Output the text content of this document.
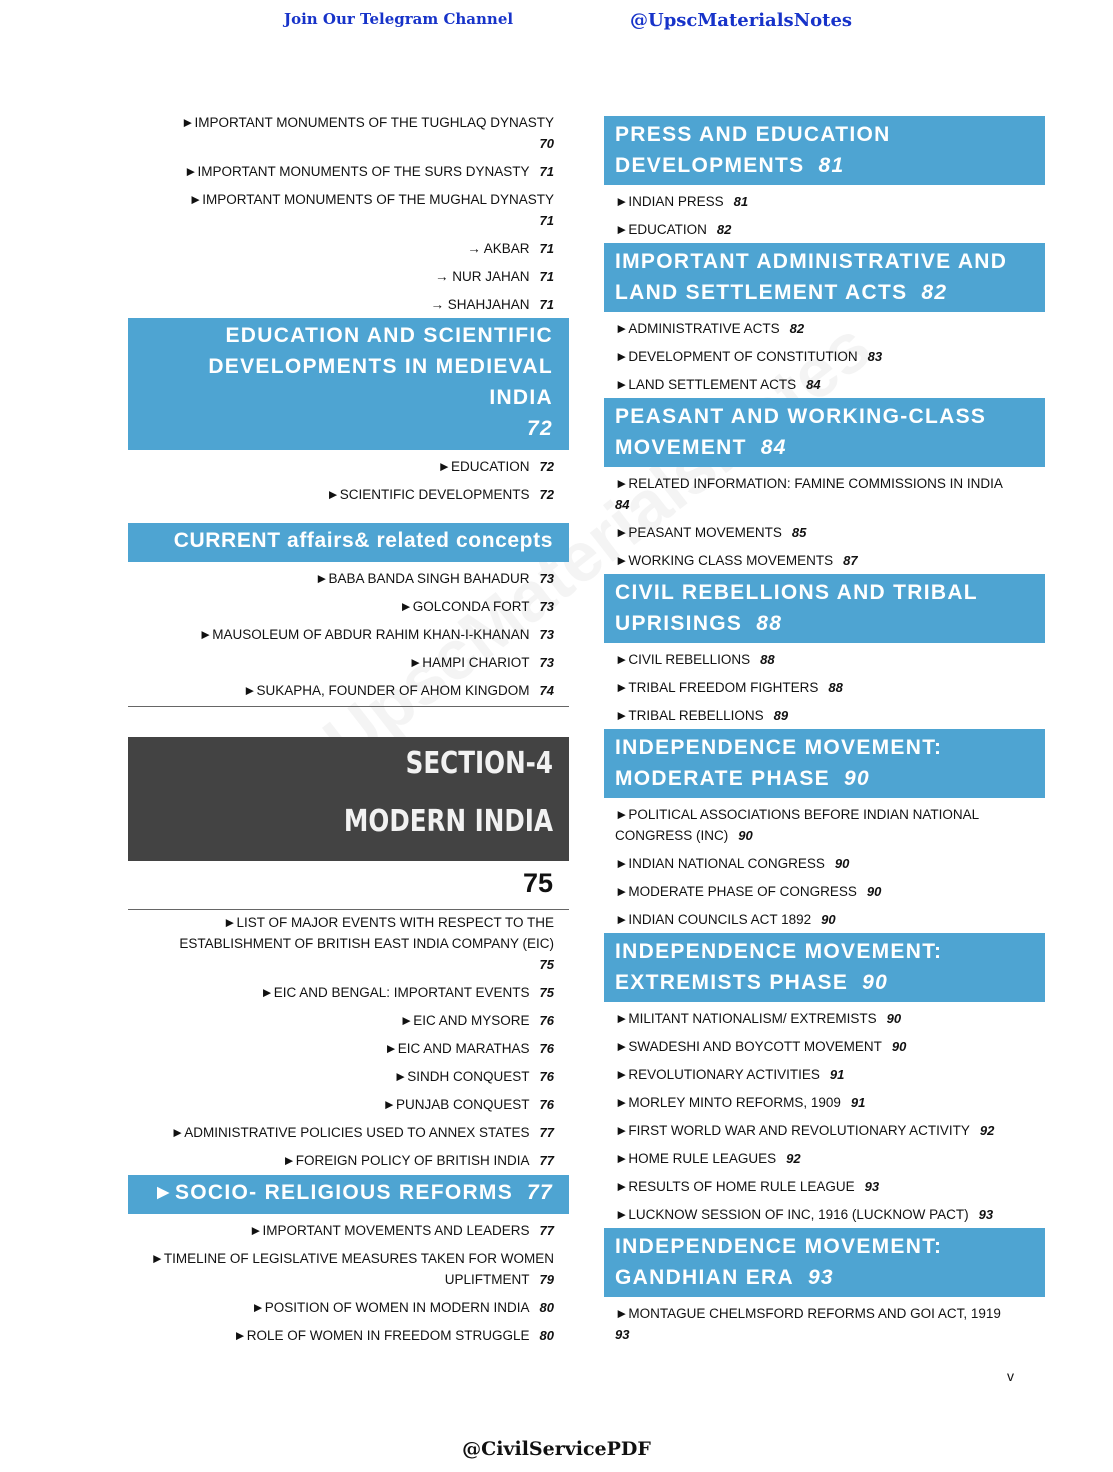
Join Our Telegram Channel	@UpscMaterialsNotes
►IMPORTANT MONUMENTS OF THE TUGHLAQ DYNASTY
70
►IMPORTANT MONUMENTS OF THE SURS DYNASTY 71
►IMPORTANT MONUMENTS OF THE MUGHAL DYNASTY
71
→ AKBAR 71
→ NUR JAHAN 71
→ SHAHJAHAN 71
EDUCATION AND SCIENTIFIC DEVELOPMENTS IN MEDIEVAL INDIA
72
►EDUCATION 72
►SCIENTIFIC DEVELOPMENTS 72
CURRENT affairs& related concepts
►BABA BANDA SINGH BAHADUR 73
►GOLCONDA FORT 73
►MAUSOLEUM OF ABDUR RAHIM KHAN-I-KHANAN 73
►HAMPI CHARIOT 73
►SUKAPHA, FOUNDER OF AHOM KINGDOM 74
SECTION-4
MODERN INDIA
75
►LIST OF MAJOR EVENTS WITH RESPECT TO THE ESTABLISHMENT OF BRITISH EAST INDIA COMPANY (EIC)
75
►EIC AND BENGAL: IMPORTANT EVENTS 75
►EIC AND MYSORE 76
►EIC AND MARATHAS 76
►SINDH CONQUEST 76
►PUNJAB CONQUEST 76
►ADMINISTRATIVE POLICIES USED TO ANNEX STATES 77
►FOREIGN POLICY OF BRITISH INDIA 77
►SOCIO- RELIGIOUS REFORMS 77
►IMPORTANT MOVEMENTS AND LEADERS 77
►TIMELINE OF LEGISLATIVE MEASURES TAKEN FOR WOMEN UPLIFTMENT 79
►POSITION OF WOMEN IN MODERN INDIA 80
►ROLE OF WOMEN IN FREEDOM STRUGGLE 80
PRESS AND EDUCATION DEVELOPMENTS 81
►INDIAN PRESS 81
►EDUCATION 82
IMPORTANT ADMINISTRATIVE AND LAND SETTLEMENT ACTS 82
►ADMINISTRATIVE ACTS 82
►DEVELOPMENT OF CONSTITUTION 83
►LAND SETTLEMENT ACTS 84
PEASANT AND WORKING-CLASS MOVEMENT 84
►RELATED INFORMATION: FAMINE COMMISSIONS IN INDIA
84
►PEASANT MOVEMENTS 85
►WORKING CLASS MOVEMENTS 87
CIVIL REBELLIONS AND TRIBAL UPRISINGS 88
►CIVIL REBELLIONS 88
►TRIBAL FREEDOM FIGHTERS 88
►TRIBAL REBELLIONS 89
INDEPENDENCE MOVEMENT: MODERATE PHASE 90
►POLITICAL ASSOCIATIONS BEFORE INDIAN NATIONAL CONGRESS (INC) 90
►INDIAN NATIONAL CONGRESS 90
►MODERATE PHASE OF CONGRESS 90
►INDIAN COUNCILS ACT 1892 90
INDEPENDENCE MOVEMENT: EXTREMISTS PHASE 90
►MILITANT NATIONALISM/ EXTREMISTS 90
►SWADESHI AND BOYCOTT MOVEMENT 90
►REVOLUTIONARY ACTIVITIES 91
►MORLEY MINTO REFORMS, 1909 91
►FIRST WORLD WAR AND REVOLUTIONARY ACTIVITY 92
►HOME RULE LEAGUES 92
►RESULTS OF HOME RULE LEAGUE 93
►LUCKNOW SESSION OF INC, 1916 (LUCKNOW PACT) 93
INDEPENDENCE MOVEMENT: GANDHIAN ERA 93
►MONTAGUE CHELMSFORD REFORMS AND GOI ACT, 1919
93
v
@CivilServicePDF
